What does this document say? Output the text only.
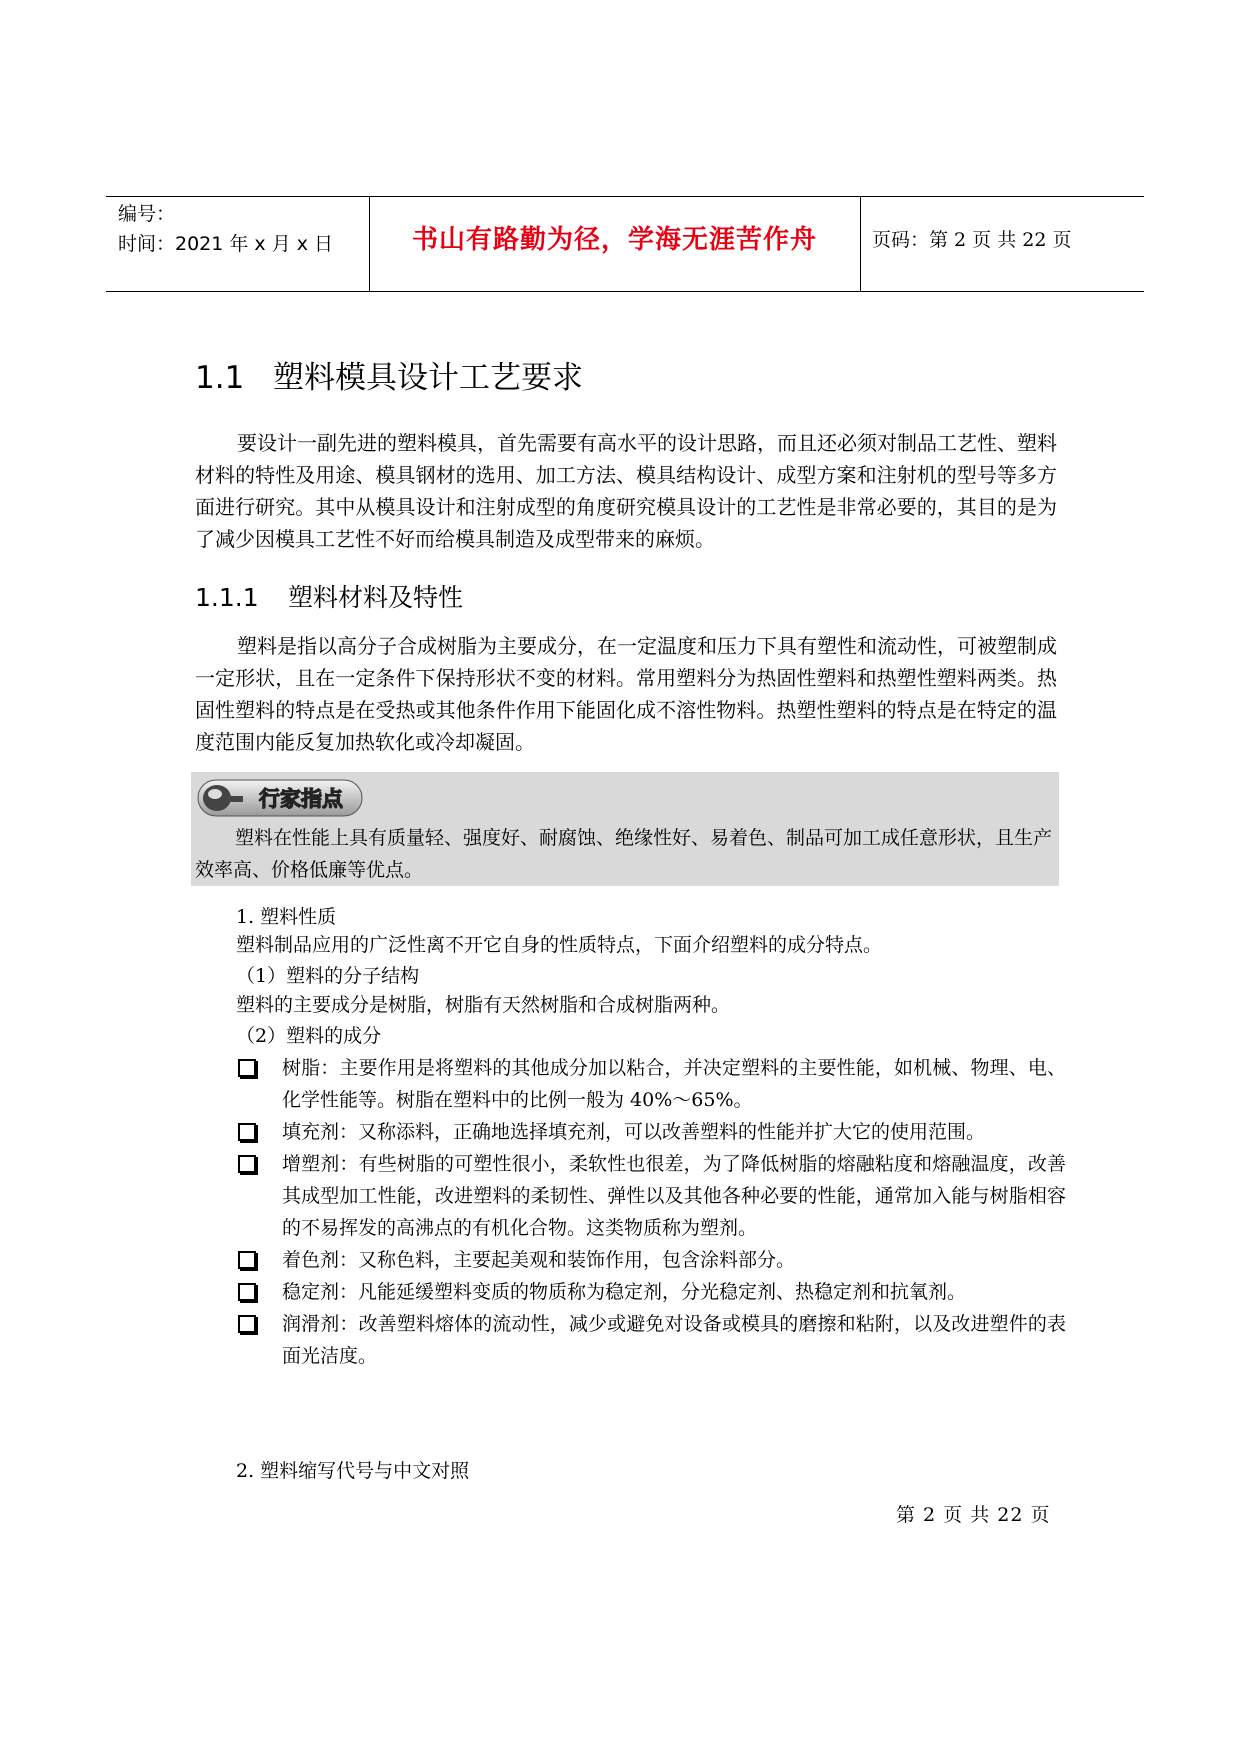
编号：
时间：2021 年 x 月 x 日	书山有路勤为径，学海无涯苦作舟	页码：第 2 页 共 22 页
1.1 塑料模具设计工艺要求

要设计一副先进的塑料模具，首先需要有高水平的设计思路，而且还必须对制品工艺性、塑料材料的特性及用途、模具钢材的选用、加工方法、模具结构设计、成型方案和注射机的型号等多方面进行研究。其中从模具设计和注射成型的角度研究模具设计的工艺性是非常必要的，其目的是为了减少因模具工艺性不好而给模具制造及成型带来的麻烦。

1.1.1 塑料材料及特性

塑料是指以高分子合成树脂为主要成分，在一定温度和压力下具有塑性和流动性，可被塑制成一定形状，且在一定条件下保持形状不变的材料。常用塑料分为热固性塑料和热塑性塑料两类。热固性塑料的特点是在受热或其他条件作用下能固化成不溶性物料。热塑性塑料的特点是在特定的温度范围内能反复加热软化或冷却凝固。

行家指点

塑料在性能上具有质量轻、强度好、耐腐蚀、绝缘性好、易着色、制品可加工成任意形状，且生产效率高、价格低廉等优点。

1. 塑料性质
塑料制品应用的广泛性离不开它自身的性质特点，下面介绍塑料的成分特点。
（1）塑料的分子结构
塑料的主要成分是树脂，树脂有天然树脂和合成树脂两种。
（2）塑料的成分
树脂：主要作用是将塑料的其他成分加以粘合，并决定塑料的主要性能，如机械、物理、电、化学性能等。树脂在塑料中的比例一般为 40%～65%。
填充剂：又称添料，正确地选择填充剂，可以改善塑料的性能并扩大它的使用范围。
增塑剂：有些树脂的可塑性很小，柔软性也很差，为了降低树脂的熔融粘度和熔融温度，改善其成型加工性能，改进塑料的柔韧性、弹性以及其他各种必要的性能，通常加入能与树脂相容的不易挥发的高沸点的有机化合物。这类物质称为塑剂。
着色剂：又称色料，主要起美观和装饰作用，包含涂料部分。
稳定剂：凡能延缓塑料变质的物质称为稳定剂，分光稳定剂、热稳定剂和抗氧剂。
润滑剂：改善塑料熔体的流动性，减少或避免对设备或模具的磨擦和粘附，以及改进塑件的表面光洁度。
2. 塑料缩写代号与中文对照
第 2 页 共 22 页
